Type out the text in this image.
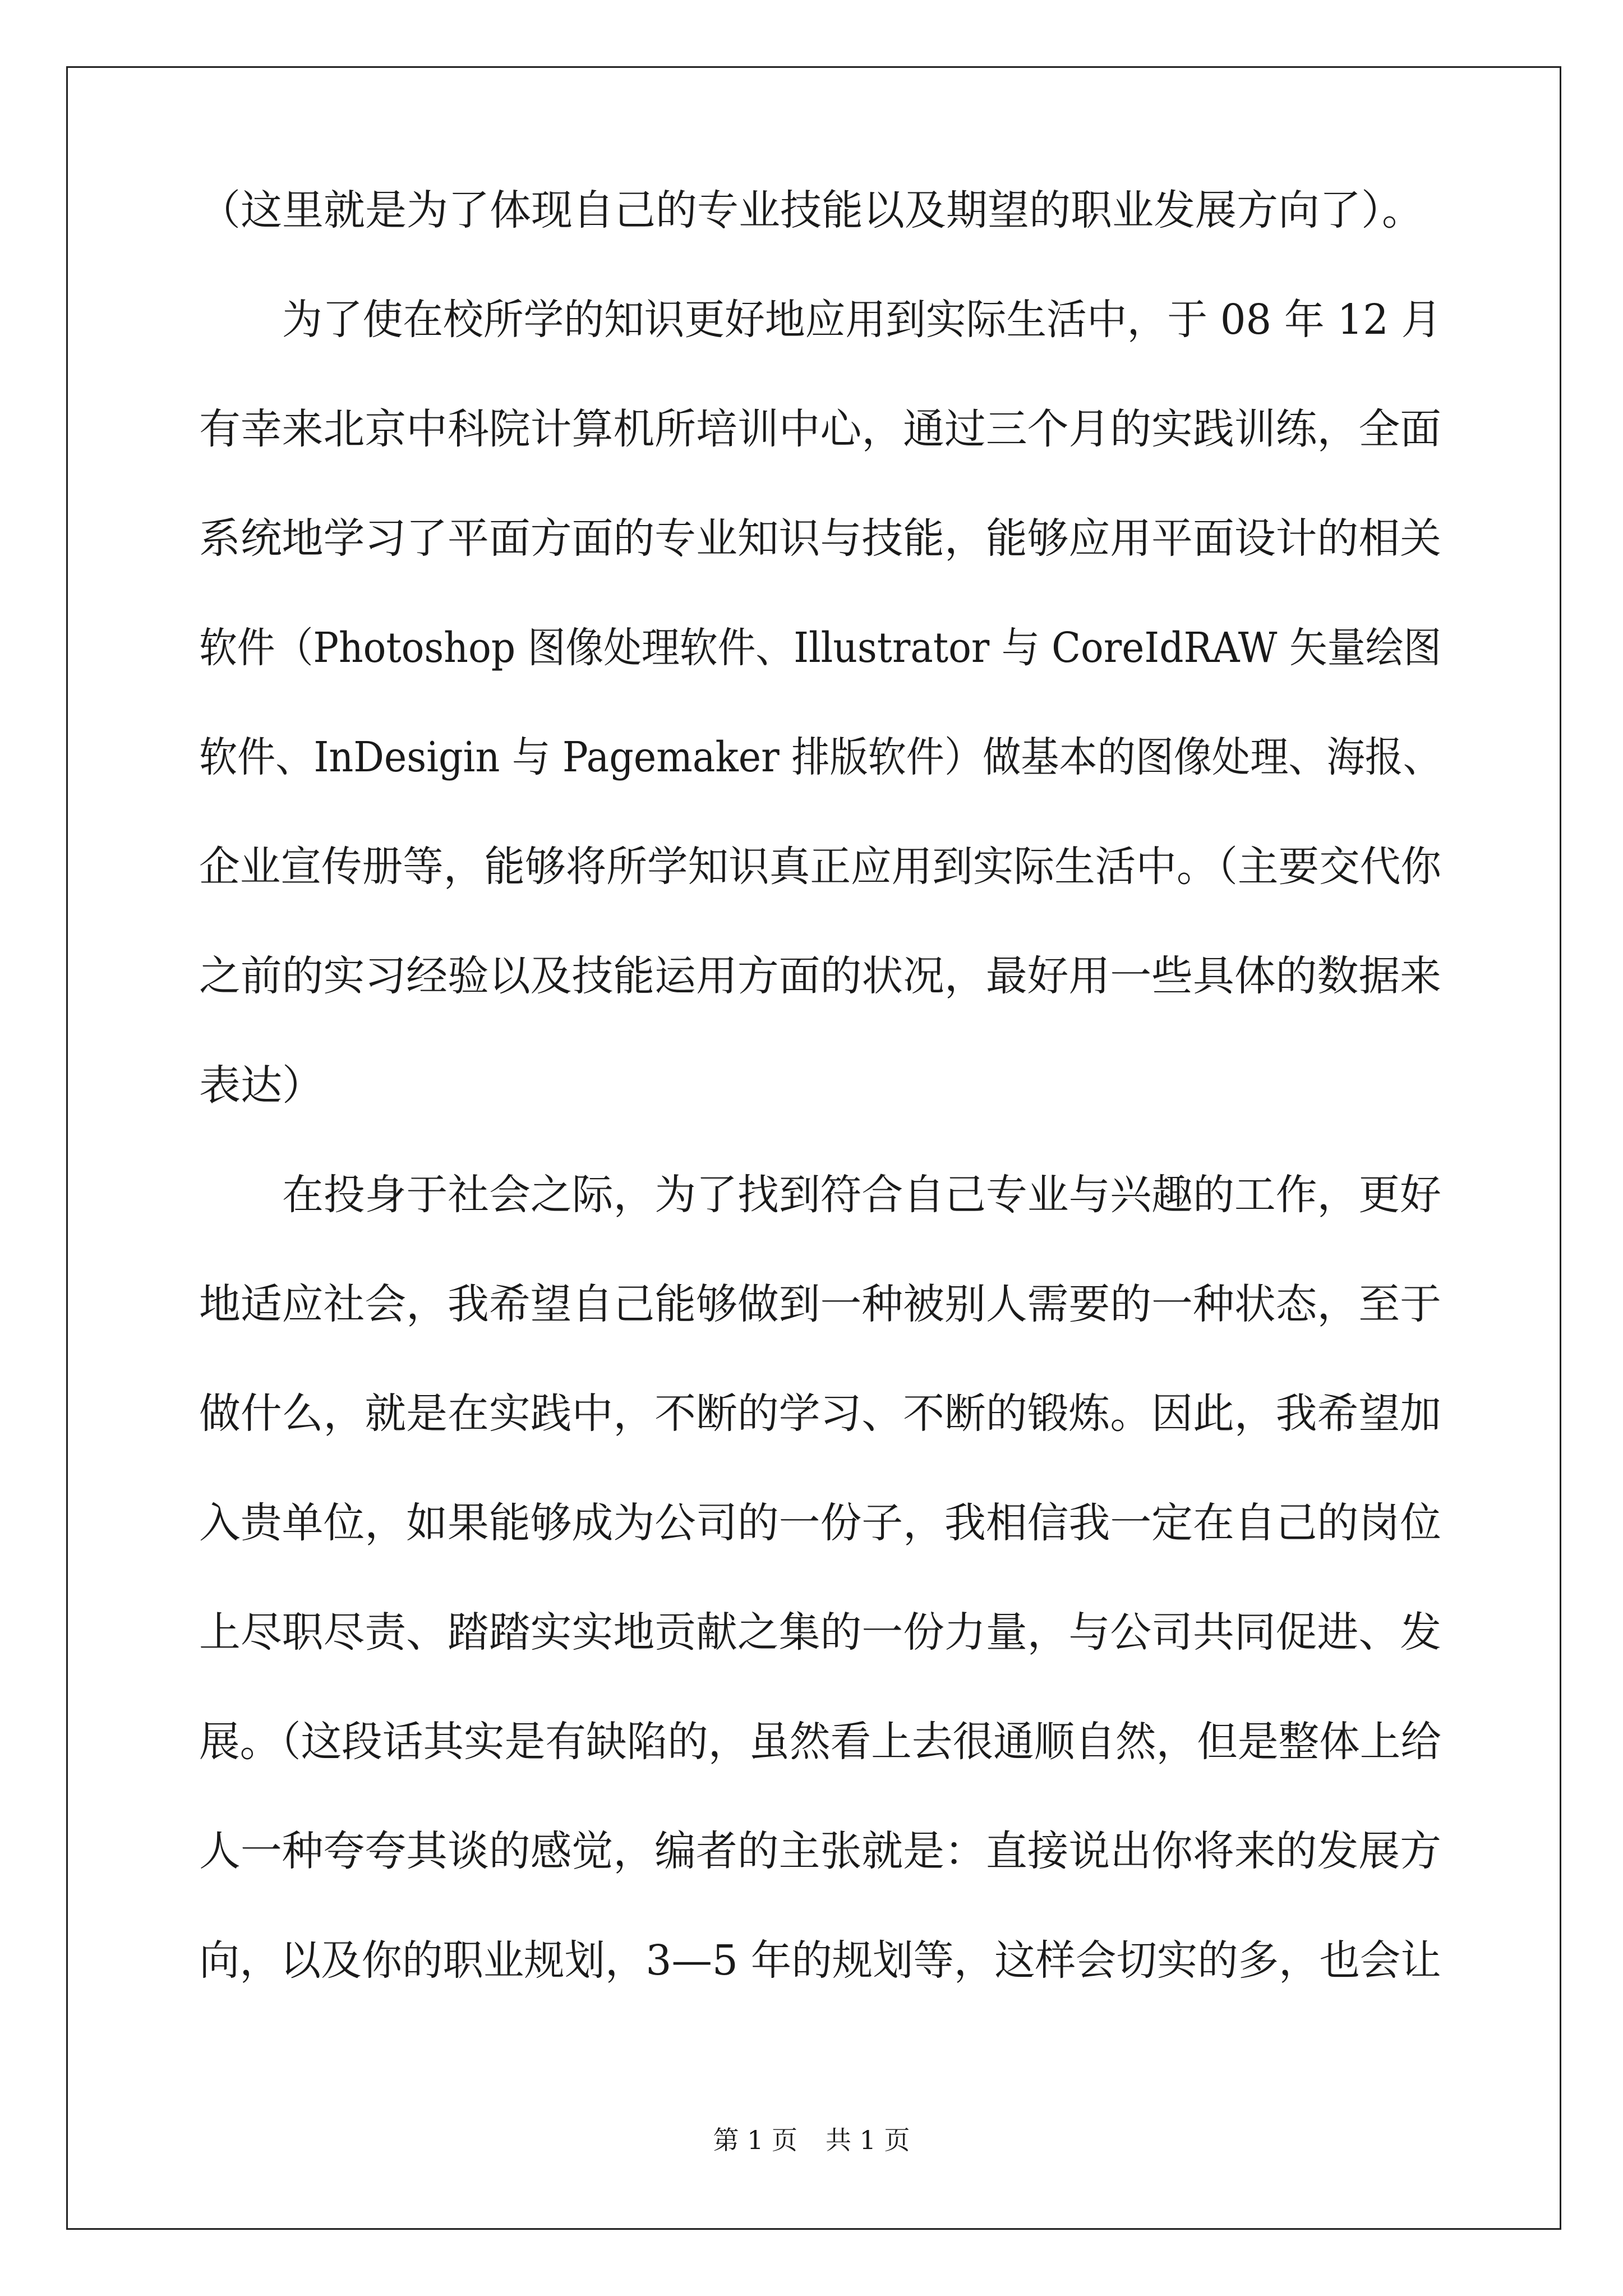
（这里就是为了体现自己的专业技能以及期望的职业发展方向了）。
为了使在校所学的知识更好地应用到实际生活中，于 08 年 12 月
有幸来北京中科院计算机所培训中心，通过三个月的实践训练，全面
系统地学习了平面方面的专业知识与技能，能够应用平面设计的相关
软件（Photoshop 图像处理软件、Illustrator 与 CoreIdRAW 矢量绘图
软件、InDesigin 与 Pagemaker 排版软件）做基本的图像处理、海报、
企业宣传册等，能够将所学知识真正应用到实际生活中。（主要交代你
之前的实习经验以及技能运用方面的状况，最好用一些具体的数据来
表达）
在投身于社会之际，为了找到符合自己专业与兴趣的工作，更好
地适应社会，我希望自己能够做到一种被别人需要的一种状态，至于
做什么，就是在实践中，不断的学习、不断的锻炼。因此，我希望加
入贵单位，如果能够成为公司的一份子，我相信我一定在自己的岗位
上尽职尽责、踏踏实实地贡献之集的一份力量，与公司共同促进、发
展。（这段话其实是有缺陷的，虽然看上去很通顺自然，但是整体上给
人一种夸夸其谈的感觉，编者的主张就是：直接说出你将来的发展方
向，以及你的职业规划，3—5 年的规划等，这样会切实的多，也会让
第 1 页 共 1 页
